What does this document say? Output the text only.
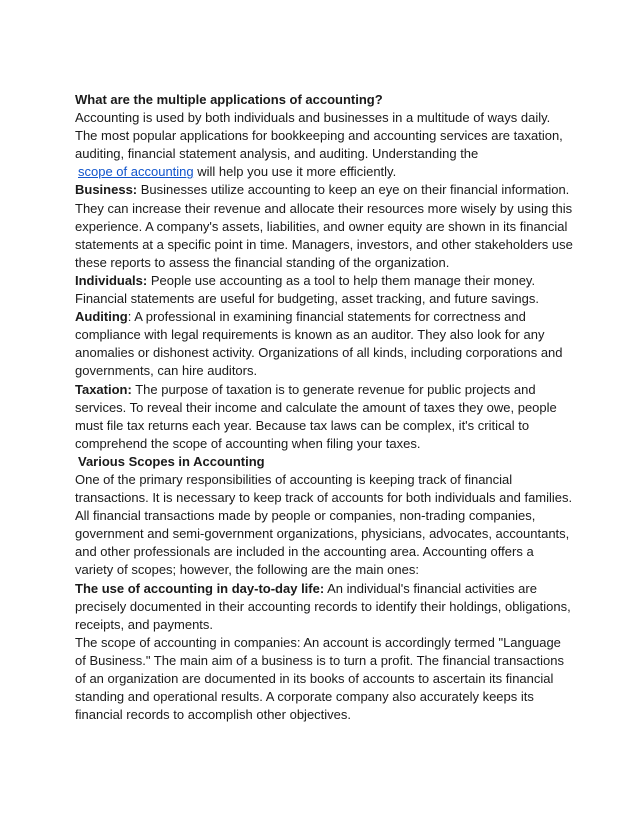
What are the multiple applications of accounting?

Accounting is used by both individuals and businesses in a multitude of ways daily. The most popular applications for bookkeeping and accounting services are taxation, auditing, financial statement analysis, and auditing. Understanding the
scope of accounting will help you use it more efficiently.

Business: Businesses utilize accounting to keep an eye on their financial information. They can increase their revenue and allocate their resources more wisely by using this experience. A company's assets, liabilities, and owner equity are shown in its financial statements at a specific point in time. Managers, investors, and other stakeholders use these reports to assess the financial standing of the organization.

Individuals: People use accounting as a tool to help them manage their money. Financial statements are useful for budgeting, asset tracking, and future savings.

Auditing: A professional in examining financial statements for correctness and compliance with legal requirements is known as an auditor. They also look for any anomalies or dishonest activity. Organizations of all kinds, including corporations and governments, can hire auditors.

Taxation: The purpose of taxation is to generate revenue for public projects and services. To reveal their income and calculate the amount of taxes they owe, people must file tax returns each year. Because tax laws can be complex, it's critical to comprehend the scope of accounting when filing your taxes.

Various Scopes in Accounting

One of the primary responsibilities of accounting is keeping track of financial transactions. It is necessary to keep track of accounts for both individuals and families. All financial transactions made by people or companies, non-trading companies, government and semi-government organizations, physicians, advocates, accountants, and other professionals are included in the accounting area. Accounting offers a variety of scopes; however, the following are the main ones:

The use of accounting in day-to-day life: An individual's financial activities are precisely documented in their accounting records to identify their holdings, obligations, receipts, and payments.

The scope of accounting in companies: An account is accordingly termed "Language of Business." The main aim of a business is to turn a profit. The financial transactions of an organization are documented in its books of accounts to ascertain its financial standing and operational results. A corporate company also accurately keeps its financial records to accomplish other objectives.
